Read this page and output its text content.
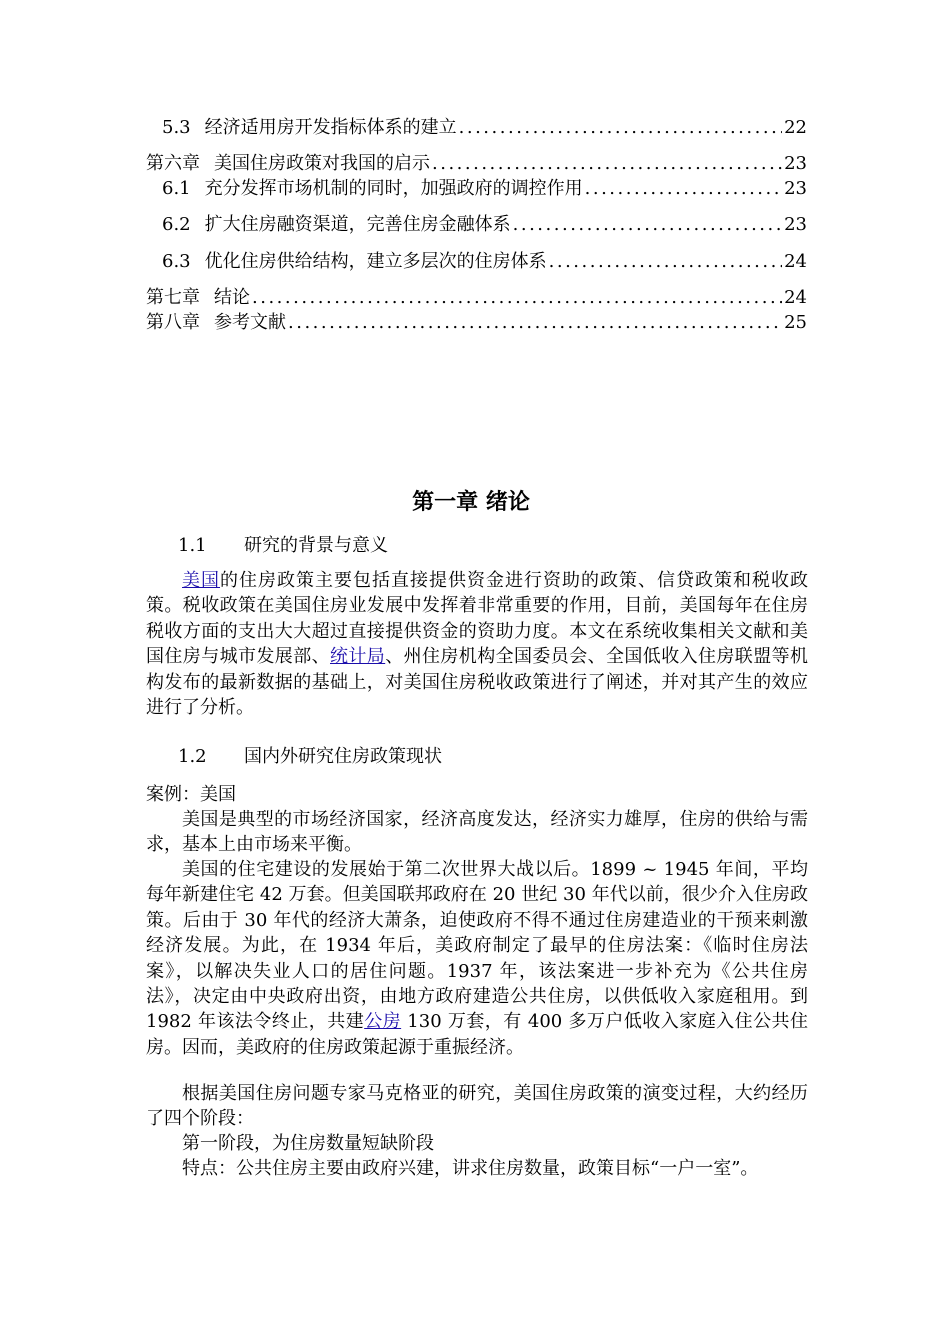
5.3 经济适用房开发指标体系的建立 .....	22
第六章 美国住房政策对我国的启示 .....	23
6.1 充分发挥市场机制的同时，加强政府的调控作用 .....	23
6.2 扩大住房融资渠道，完善住房金融体系 .....	23
6.3 优化住房供给结构，建立多层次的住房体系 .....	24
第七章 结论 .....	24
第八章 参考文献 .....	25
第一章 绪论
1.1 研究的背景与意义
美国的住房政策主要包括直接提供资金进行资助的政策、信贷政策和税收政策。税收政策在美国住房业发展中发挥着非常重要的作用，目前，美国每年在住房税收方面的支出大大超过直接提供资金的资助力度。本文在系统收集相关文献和美国住房与城市发展部、统计局、州住房机构全国委员会、全国低收入住房联盟等机构发布的最新数据的基础上，对美国住房税收政策进行了阐述，并对其产生的效应进行了分析。
1.2 国内外研究住房政策现状
案例：美国
美国是典型的市场经济国家，经济高度发达，经济实力雄厚，住房的供给与需求，基本上由市场来平衡。
美国的住宅建设的发展始于第二次世界大战以后。1899 ~ 1945 年间，平均每年新建住宅 42 万套。但美国联邦政府在 20 世纪 30 年代以前，很少介入住房政策。后由于 30 年代的经济大萧条，迫使政府不得不通过住房建造业的干预来刺激经济发展。为此，在 1934 年后，美政府制定了最早的住房法案：《临时住房法案》，以解决失业人口的居住问题。1937 年，该法案进一步补充为《公共住房法》，决定由中央政府出资，由地方政府建造公共住房，以供低收入家庭租用。到 1982 年该法令终止，共建公房 130 万套，有 400 多万户低收入家庭入住公共住房。因而，美政府的住房政策起源于重振经济。
根据美国住房问题专家马克格亚的研究，美国住房政策的演变过程，大约经历了四个阶段：
第一阶段，为住房数量短缺阶段
特点：公共住房主要由政府兴建，讲求住房数量，政策目标“一户一室”。
